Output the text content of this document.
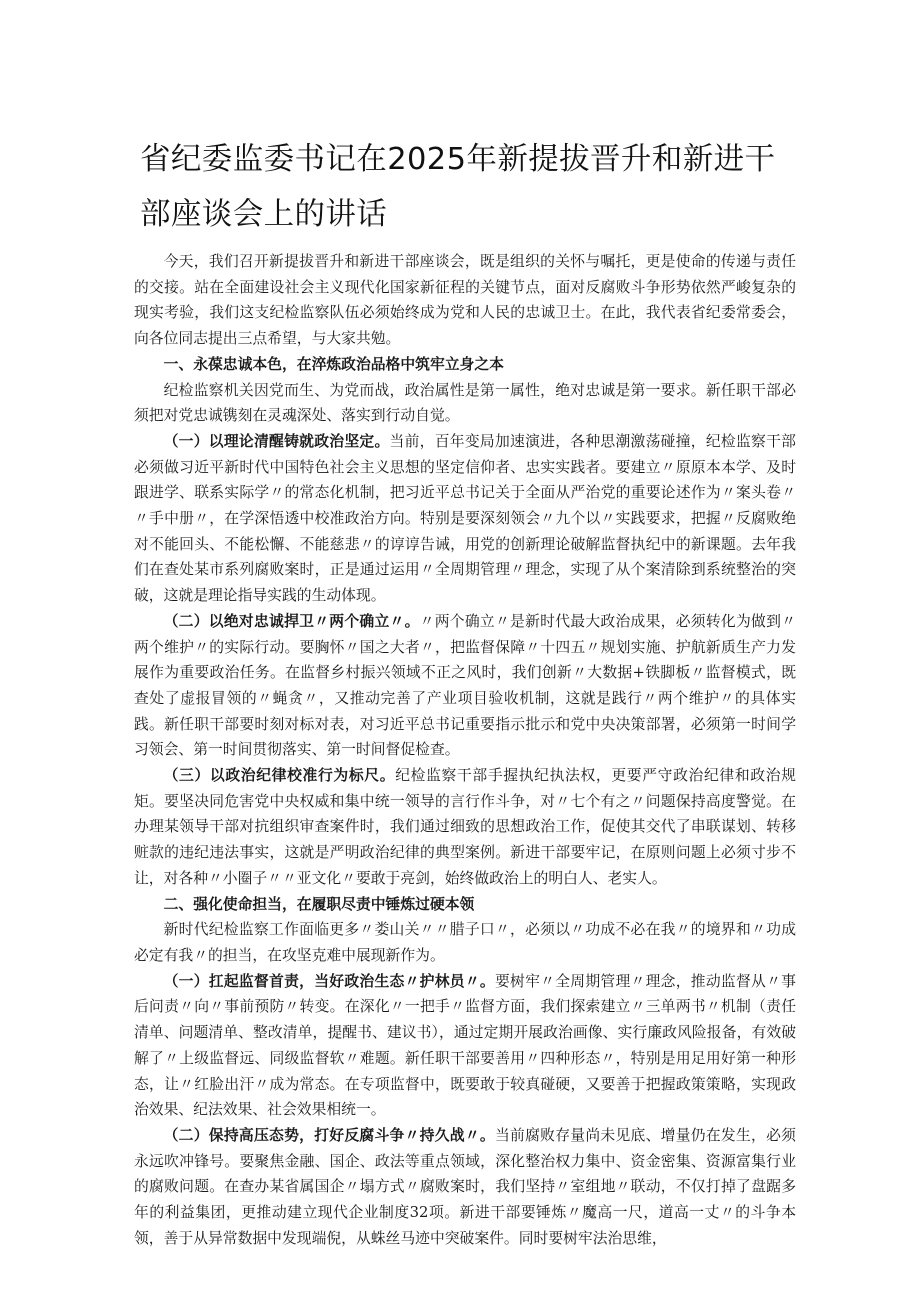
省纪委监委书记在2025年新提拔晋升和新进干部座谈会上的讲话

今天，我们召开新提拔晋升和新进干部座谈会，既是组织的关怀与嘱托，更是使命的传递与责任的交接。站在全面建设社会主义现代化国家新征程的关键节点，面对反腐败斗争形势依然严峻复杂的现实考验，我们这支纪检监察队伍必须始终成为党和人民的忠诚卫士。在此，我代表省纪委常委会，向各位同志提出三点希望，与大家共勉。

一、永葆忠诚本色，在淬炼政治品格中筑牢立身之本

纪检监察机关因党而生、为党而战，政治属性是第一属性，绝对忠诚是第一要求。新任职干部必须把对党忠诚镌刻在灵魂深处、落实到行动自觉。

（一）以理论清醒铸就政治坚定。当前，百年变局加速演进，各种思潮激荡碰撞，纪检监察干部必须做习近平新时代中国特色社会主义思想的坚定信仰者、忠实实践者。要建立〃原原本本学、及时跟进学、联系实际学〃的常态化机制，把习近平总书记关于全面从严治党的重要论述作为〃案头卷〃〃手中册〃，在学深悟透中校准政治方向。特别是要深刻领会〃九个以〃实践要求，把握〃反腐败绝对不能回头、不能松懈、不能慈悲〃的谆谆告诫，用党的创新理论破解监督执纪中的新课题。去年我们在查处某市系列腐败案时，正是通过运用〃全周期管理〃理念，实现了从个案清除到系统整治的突破，这就是理论指导实践的生动体现。

（二）以绝对忠诚捍卫〃两个确立〃。〃两个确立〃是新时代最大政治成果，必须转化为做到〃两个维护〃的实际行动。要胸怀〃国之大者〃，把监督保障〃十四五〃规划实施、护航新质生产力发展作为重要政治任务。在监督乡村振兴领域不正之风时，我们创新〃大数据+铁脚板〃监督模式，既查处了虚报冒领的〃蝇贪〃，又推动完善了产业项目验收机制，这就是践行〃两个维护〃的具体实践。新任职干部要时刻对标对表，对习近平总书记重要指示批示和党中央决策部署，必须第一时间学习领会、第一时间贯彻落实、第一时间督促检查。

（三）以政治纪律校准行为标尺。纪检监察干部手握执纪执法权，更要严守政治纪律和政治规矩。要坚决同危害党中央权威和集中统一领导的言行作斗争，对〃七个有之〃问题保持高度警觉。在办理某领导干部对抗组织审查案件时，我们通过细致的思想政治工作，促使其交代了串联谋划、转移赃款的违纪违法事实，这就是严明政治纪律的典型案例。新进干部要牢记，在原则问题上必须寸步不让，对各种〃小圈子〃〃亚文化〃要敢于亮剑，始终做政治上的明白人、老实人。

二、强化使命担当，在履职尽责中锤炼过硬本领

新时代纪检监察工作面临更多〃娄山关〃〃腊子口〃，必须以〃功成不必在我〃的境界和〃功成必定有我〃的担当，在攻坚克难中展现新作为。

（一）扛起监督首责，当好政治生态〃护林员〃。要树牢〃全周期管理〃理念，推动监督从〃事后问责〃向〃事前预防〃转变。在深化〃一把手〃监督方面，我们探索建立〃三单两书〃机制（责任清单、问题清单、整改清单，提醒书、建议书），通过定期开展政治画像、实行廉政风险报备，有效破解了〃上级监督远、同级监督软〃难题。新任职干部要善用〃四种形态〃，特别是用足用好第一种形态，让〃红脸出汗〃成为常态。在专项监督中，既要敢于较真碰硬，又要善于把握政策策略，实现政治效果、纪法效果、社会效果相统一。

（二）保持高压态势，打好反腐斗争〃持久战〃。当前腐败存量尚未见底、增量仍在发生，必须永远吹冲锋号。要聚焦金融、国企、政法等重点领域，深化整治权力集中、资金密集、资源富集行业的腐败问题。在查办某省属国企〃塌方式〃腐败案时，我们坚持〃室组地〃联动，不仅打掉了盘踞多年的利益集团，更推动建立现代企业制度32项。新进干部要锤炼〃魔高一尺，道高一丈〃的斗争本领，善于从异常数据中发现端倪，从蛛丝马迹中突破案件。同时要树牢法治思维，
